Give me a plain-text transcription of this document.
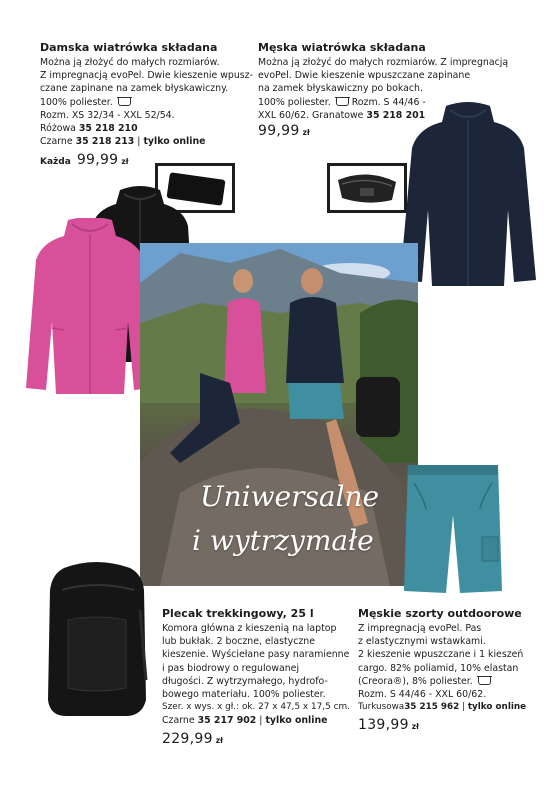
Damska wiatrówka składana
Można ją złożyć do małych rozmiarów.
Z impregnacją evoPel. Dwie kieszenie wpusz-
czane zapinane na zamek błyskawiczny.
100% poliester.
Rozm. XS 32/34 - XXL 52/54.
Różowa 35 218 210
Czarne 35 218 213 | tylko online
Każda 99,99 zł
Męska wiatrówka składana
Można ją złożyć do małych rozmiarów. Z impregnacją
evoPel. Dwie kieszenie wpuszczane zapinane
na zamek błyskawiczny po bokach.
100% poliester. Rozm. S 44/46 -
XXL 60/62. Granatowe 35 218 201
99,99 zł
Uniwersalne
i wytrzymałe
Plecak trekkingowy, 25 l
Komora główna z kieszenią na laptop
lub bukłak. 2 boczne, elastyczne
kieszenie. Wyściełane pasy naramienne
i pas biodrowy o regulowanej
długości. Z wytrzymałego, hydrofo-
bowego materiału. 100% poliester.
Szer. x wys. x gł.: ok. 27 x 47,5 x 17,5 cm.
Czarne 35 217 902 | tylko online
229,99 zł
Męskie szorty outdoorowe
Z impregnacją evoPel. Pas
z elastycznymi wstawkami.
2 kieszenie wpuszczane i 1 kieszeń
cargo. 82% poliamid, 10% elastan
(Creora®), 8% poliester.
Rozm. S 44/46 - XXL 60/62.
Turkusowa35 215 962 | tylko online
139,99 zł
